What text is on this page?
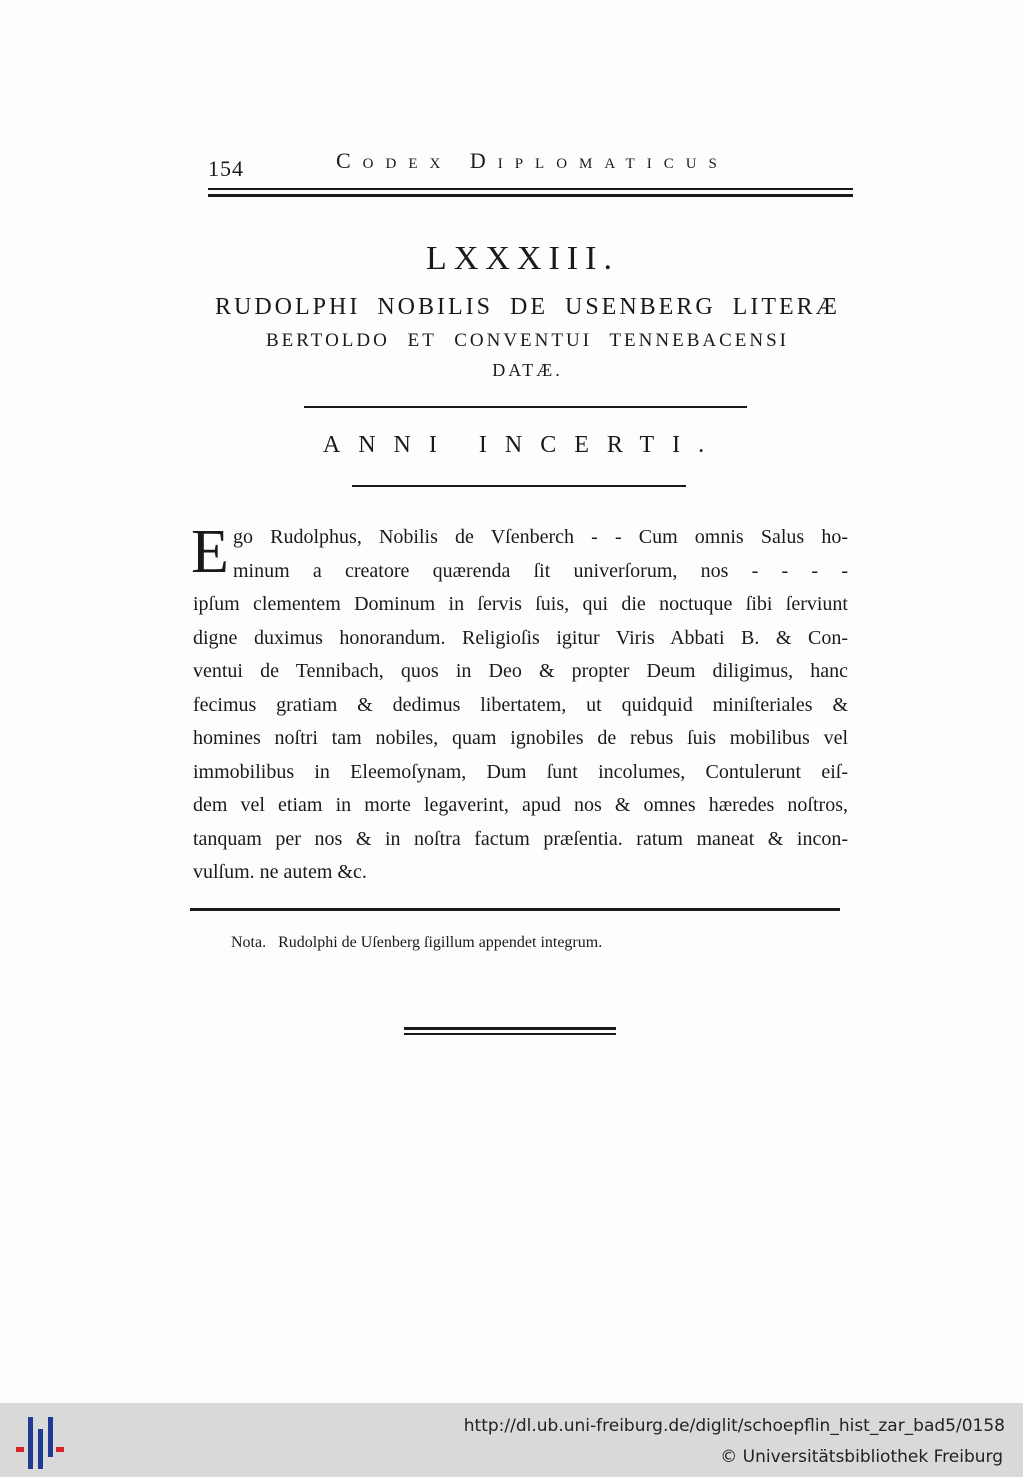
154	Codex Diplomaticus
LXXXIII.
RUDOLPHI NOBILIS DE USENBERG LITERÆ
BERTOLDO ET CONVENTUI TENNEBACENSI
DATÆ.
ANNI INCERTI.
E go Rudolphus, Nobilis de Vſenberch - - Cum omnis Salus ho-
minum a creatore quærenda ſit univerſorum, nos - - - -
ipſum clementem Dominum in ſervis ſuis, qui die noctuque ſibi ſerviunt
digne duximus honorandum. Religioſis igitur Viris Abbati B. & Con-
ventui de Tennibach, quos in Deo & propter Deum diligimus, hanc
fecimus gratiam & dedimus libertatem, ut quidquid miniſteriales &
homines noſtri tam nobiles, quam ignobiles de rebus ſuis mobilibus vel
immobilibus in Eleemoſynam, Dum ſunt incolumes, Contulerunt eiſ-
dem vel etiam in morte legaverint, apud nos & omnes hæredes noſtros,
tanquam per nos & in noſtra factum præſentia. ratum maneat & incon-
vulſum. ne autem &c.
Nota. Rudolphi de Uſenberg ſigillum appendet integrum.
http://dl.ub.uni-freiburg.de/diglit/schoepflin_hist_zar_bad5/0158
© Universitätsbibliothek Freiburg
